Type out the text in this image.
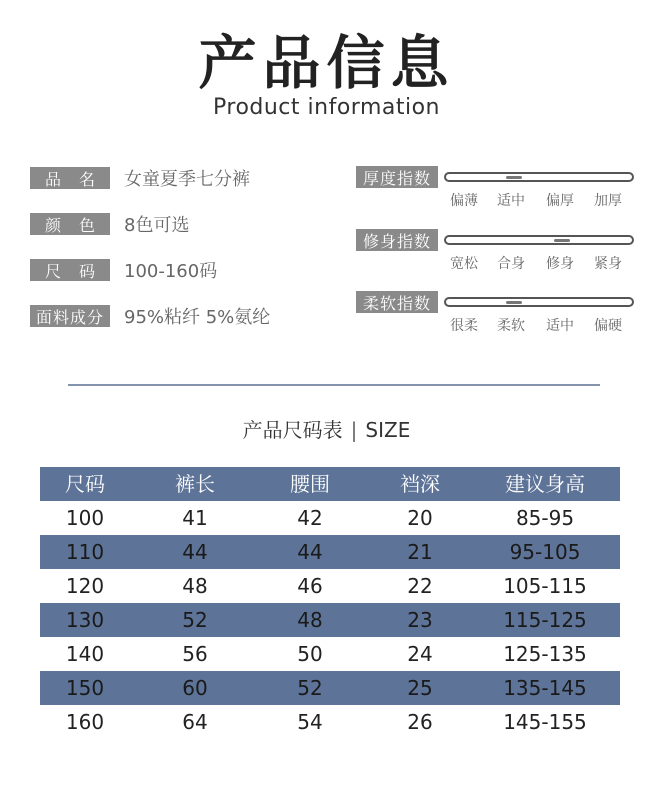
产品信息
Product information
品 名 女童夏季七分裤
颜 色 8色可选
尺 码 100-160码
面料成分	95%粘纤 5%氨纶
厚度指数
偏薄	适中	偏厚	加厚
修身指数
宽松	合身	修身	紧身
柔软指数
很柔	柔软	适中	偏硬
产品尺码表 | SIZE
尺码	裤长	腰围	裆深	建议身高
100	41	42	20	85-95
110	44	44	21	95-105
120	48	46	22	105-115
130	52	48	23	115-125
140	56	50	24	125-135
150	60	52	25	135-145
160	64	54	26	145-155
